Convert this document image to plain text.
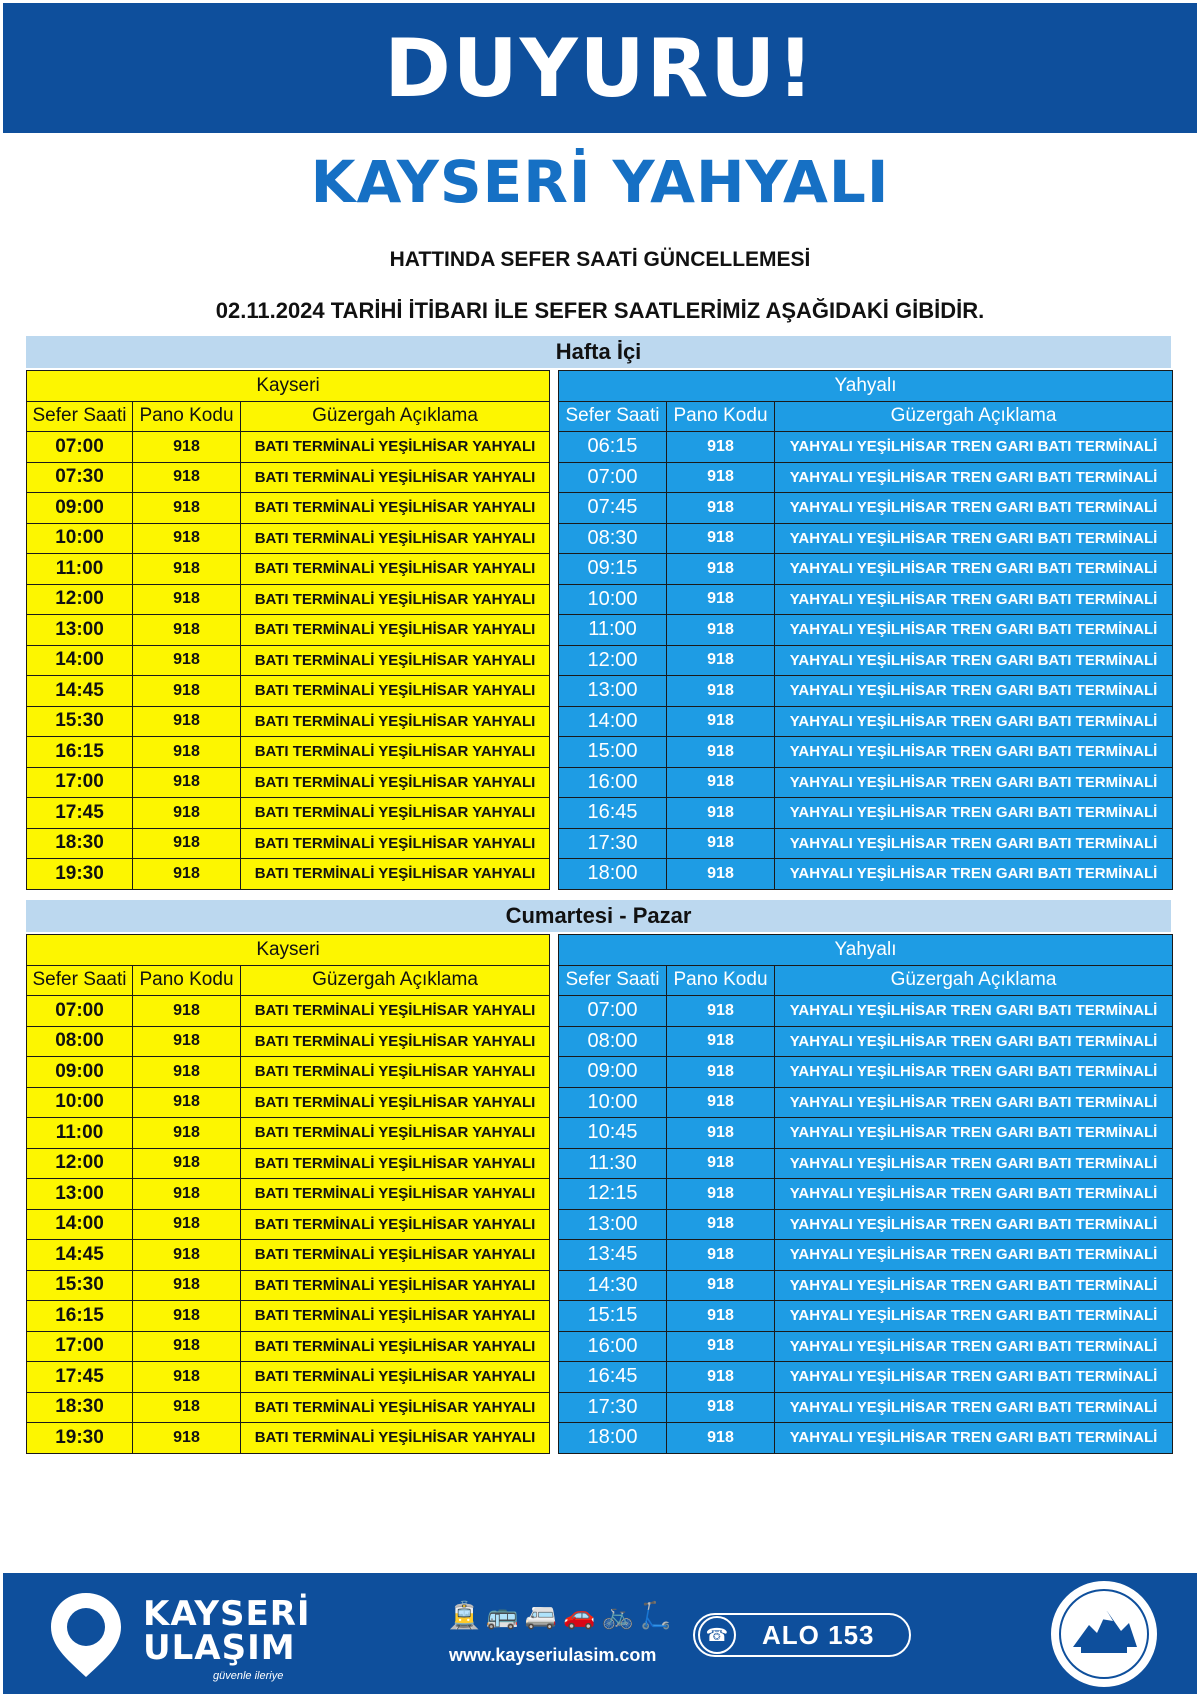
DUYURU!
KAYSERİ YAHYALI
HATTINDA SEFER SAATİ GÜNCELLEMESİ
02.11.2024 TARİHİ İTİBARI İLE SEFER SAATLERİMİZ AŞAĞIDAKİ GİBİDİR.
Hafta İçi
Kayseri		
Sefer Saati	Pano Kodu	Güzergah Açıklama
07:00	918	BATI TERMİNALİ YEŞİLHİSAR YAHYALI
07:30	918	BATI TERMİNALİ YEŞİLHİSAR YAHYALI
09:00	918	BATI TERMİNALİ YEŞİLHİSAR YAHYALI
10:00	918	BATI TERMİNALİ YEŞİLHİSAR YAHYALI
11:00	918	BATI TERMİNALİ YEŞİLHİSAR YAHYALI
12:00	918	BATI TERMİNALİ YEŞİLHİSAR YAHYALI
13:00	918	BATI TERMİNALİ YEŞİLHİSAR YAHYALI
14:00	918	BATI TERMİNALİ YEŞİLHİSAR YAHYALI
14:45	918	BATI TERMİNALİ YEŞİLHİSAR YAHYALI
15:30	918	BATI TERMİNALİ YEŞİLHİSAR YAHYALI
16:15	918	BATI TERMİNALİ YEŞİLHİSAR YAHYALI
17:00	918	BATI TERMİNALİ YEŞİLHİSAR YAHYALI
17:45	918	BATI TERMİNALİ YEŞİLHİSAR YAHYALI
18:30	918	BATI TERMİNALİ YEŞİLHİSAR YAHYALI
19:30	918	BATI TERMİNALİ YEŞİLHİSAR YAHYALI
Yahyalı		
Sefer Saati	Pano Kodu	Güzergah Açıklama
06:15	918	YAHYALI YEŞİLHİSAR TREN GARI BATI TERMİNALİ
07:00	918	YAHYALI YEŞİLHİSAR TREN GARI BATI TERMİNALİ
07:45	918	YAHYALI YEŞİLHİSAR TREN GARI BATI TERMİNALİ
08:30	918	YAHYALI YEŞİLHİSAR TREN GARI BATI TERMİNALİ
09:15	918	YAHYALI YEŞİLHİSAR TREN GARI BATI TERMİNALİ
10:00	918	YAHYALI YEŞİLHİSAR TREN GARI BATI TERMİNALİ
11:00	918	YAHYALI YEŞİLHİSAR TREN GARI BATI TERMİNALİ
12:00	918	YAHYALI YEŞİLHİSAR TREN GARI BATI TERMİNALİ
13:00	918	YAHYALI YEŞİLHİSAR TREN GARI BATI TERMİNALİ
14:00	918	YAHYALI YEŞİLHİSAR TREN GARI BATI TERMİNALİ
15:00	918	YAHYALI YEŞİLHİSAR TREN GARI BATI TERMİNALİ
16:00	918	YAHYALI YEŞİLHİSAR TREN GARI BATI TERMİNALİ
16:45	918	YAHYALI YEŞİLHİSAR TREN GARI BATI TERMİNALİ
17:30	918	YAHYALI YEŞİLHİSAR TREN GARI BATI TERMİNALİ
18:00	918	YAHYALI YEŞİLHİSAR TREN GARI BATI TERMİNALİ
Cumartesi - Pazar
Kayseri		
Sefer Saati	Pano Kodu	Güzergah Açıklama
07:00	918	BATI TERMİNALİ YEŞİLHİSAR YAHYALI
08:00	918	BATI TERMİNALİ YEŞİLHİSAR YAHYALI
09:00	918	BATI TERMİNALİ YEŞİLHİSAR YAHYALI
10:00	918	BATI TERMİNALİ YEŞİLHİSAR YAHYALI
11:00	918	BATI TERMİNALİ YEŞİLHİSAR YAHYALI
12:00	918	BATI TERMİNALİ YEŞİLHİSAR YAHYALI
13:00	918	BATI TERMİNALİ YEŞİLHİSAR YAHYALI
14:00	918	BATI TERMİNALİ YEŞİLHİSAR YAHYALI
14:45	918	BATI TERMİNALİ YEŞİLHİSAR YAHYALI
15:30	918	BATI TERMİNALİ YEŞİLHİSAR YAHYALI
16:15	918	BATI TERMİNALİ YEŞİLHİSAR YAHYALI
17:00	918	BATI TERMİNALİ YEŞİLHİSAR YAHYALI
17:45	918	BATI TERMİNALİ YEŞİLHİSAR YAHYALI
18:30	918	BATI TERMİNALİ YEŞİLHİSAR YAHYALI
19:30	918	BATI TERMİNALİ YEŞİLHİSAR YAHYALI
Yahyalı		
Sefer Saati	Pano Kodu	Güzergah Açıklama
07:00	918	YAHYALI YEŞİLHİSAR TREN GARI BATI TERMİNALİ
08:00	918	YAHYALI YEŞİLHİSAR TREN GARI BATI TERMİNALİ
09:00	918	YAHYALI YEŞİLHİSAR TREN GARI BATI TERMİNALİ
10:00	918	YAHYALI YEŞİLHİSAR TREN GARI BATI TERMİNALİ
10:45	918	YAHYALI YEŞİLHİSAR TREN GARI BATI TERMİNALİ
11:30	918	YAHYALI YEŞİLHİSAR TREN GARI BATI TERMİNALİ
12:15	918	YAHYALI YEŞİLHİSAR TREN GARI BATI TERMİNALİ
13:00	918	YAHYALI YEŞİLHİSAR TREN GARI BATI TERMİNALİ
13:45	918	YAHYALI YEŞİLHİSAR TREN GARI BATI TERMİNALİ
14:30	918	YAHYALI YEŞİLHİSAR TREN GARI BATI TERMİNALİ
15:15	918	YAHYALI YEŞİLHİSAR TREN GARI BATI TERMİNALİ
16:00	918	YAHYALI YEŞİLHİSAR TREN GARI BATI TERMİNALİ
16:45	918	YAHYALI YEŞİLHİSAR TREN GARI BATI TERMİNALİ
17:30	918	YAHYALI YEŞİLHİSAR TREN GARI BATI TERMİNALİ
18:00	918	YAHYALI YEŞİLHİSAR TREN GARI BATI TERMİNALİ
KAYSERİ
ULAŞIM
güvenle ileriye
🚊 🚌 🚐 🚗 🚲 🛴
www.kayseriulasim.com
☎ ALO 153
